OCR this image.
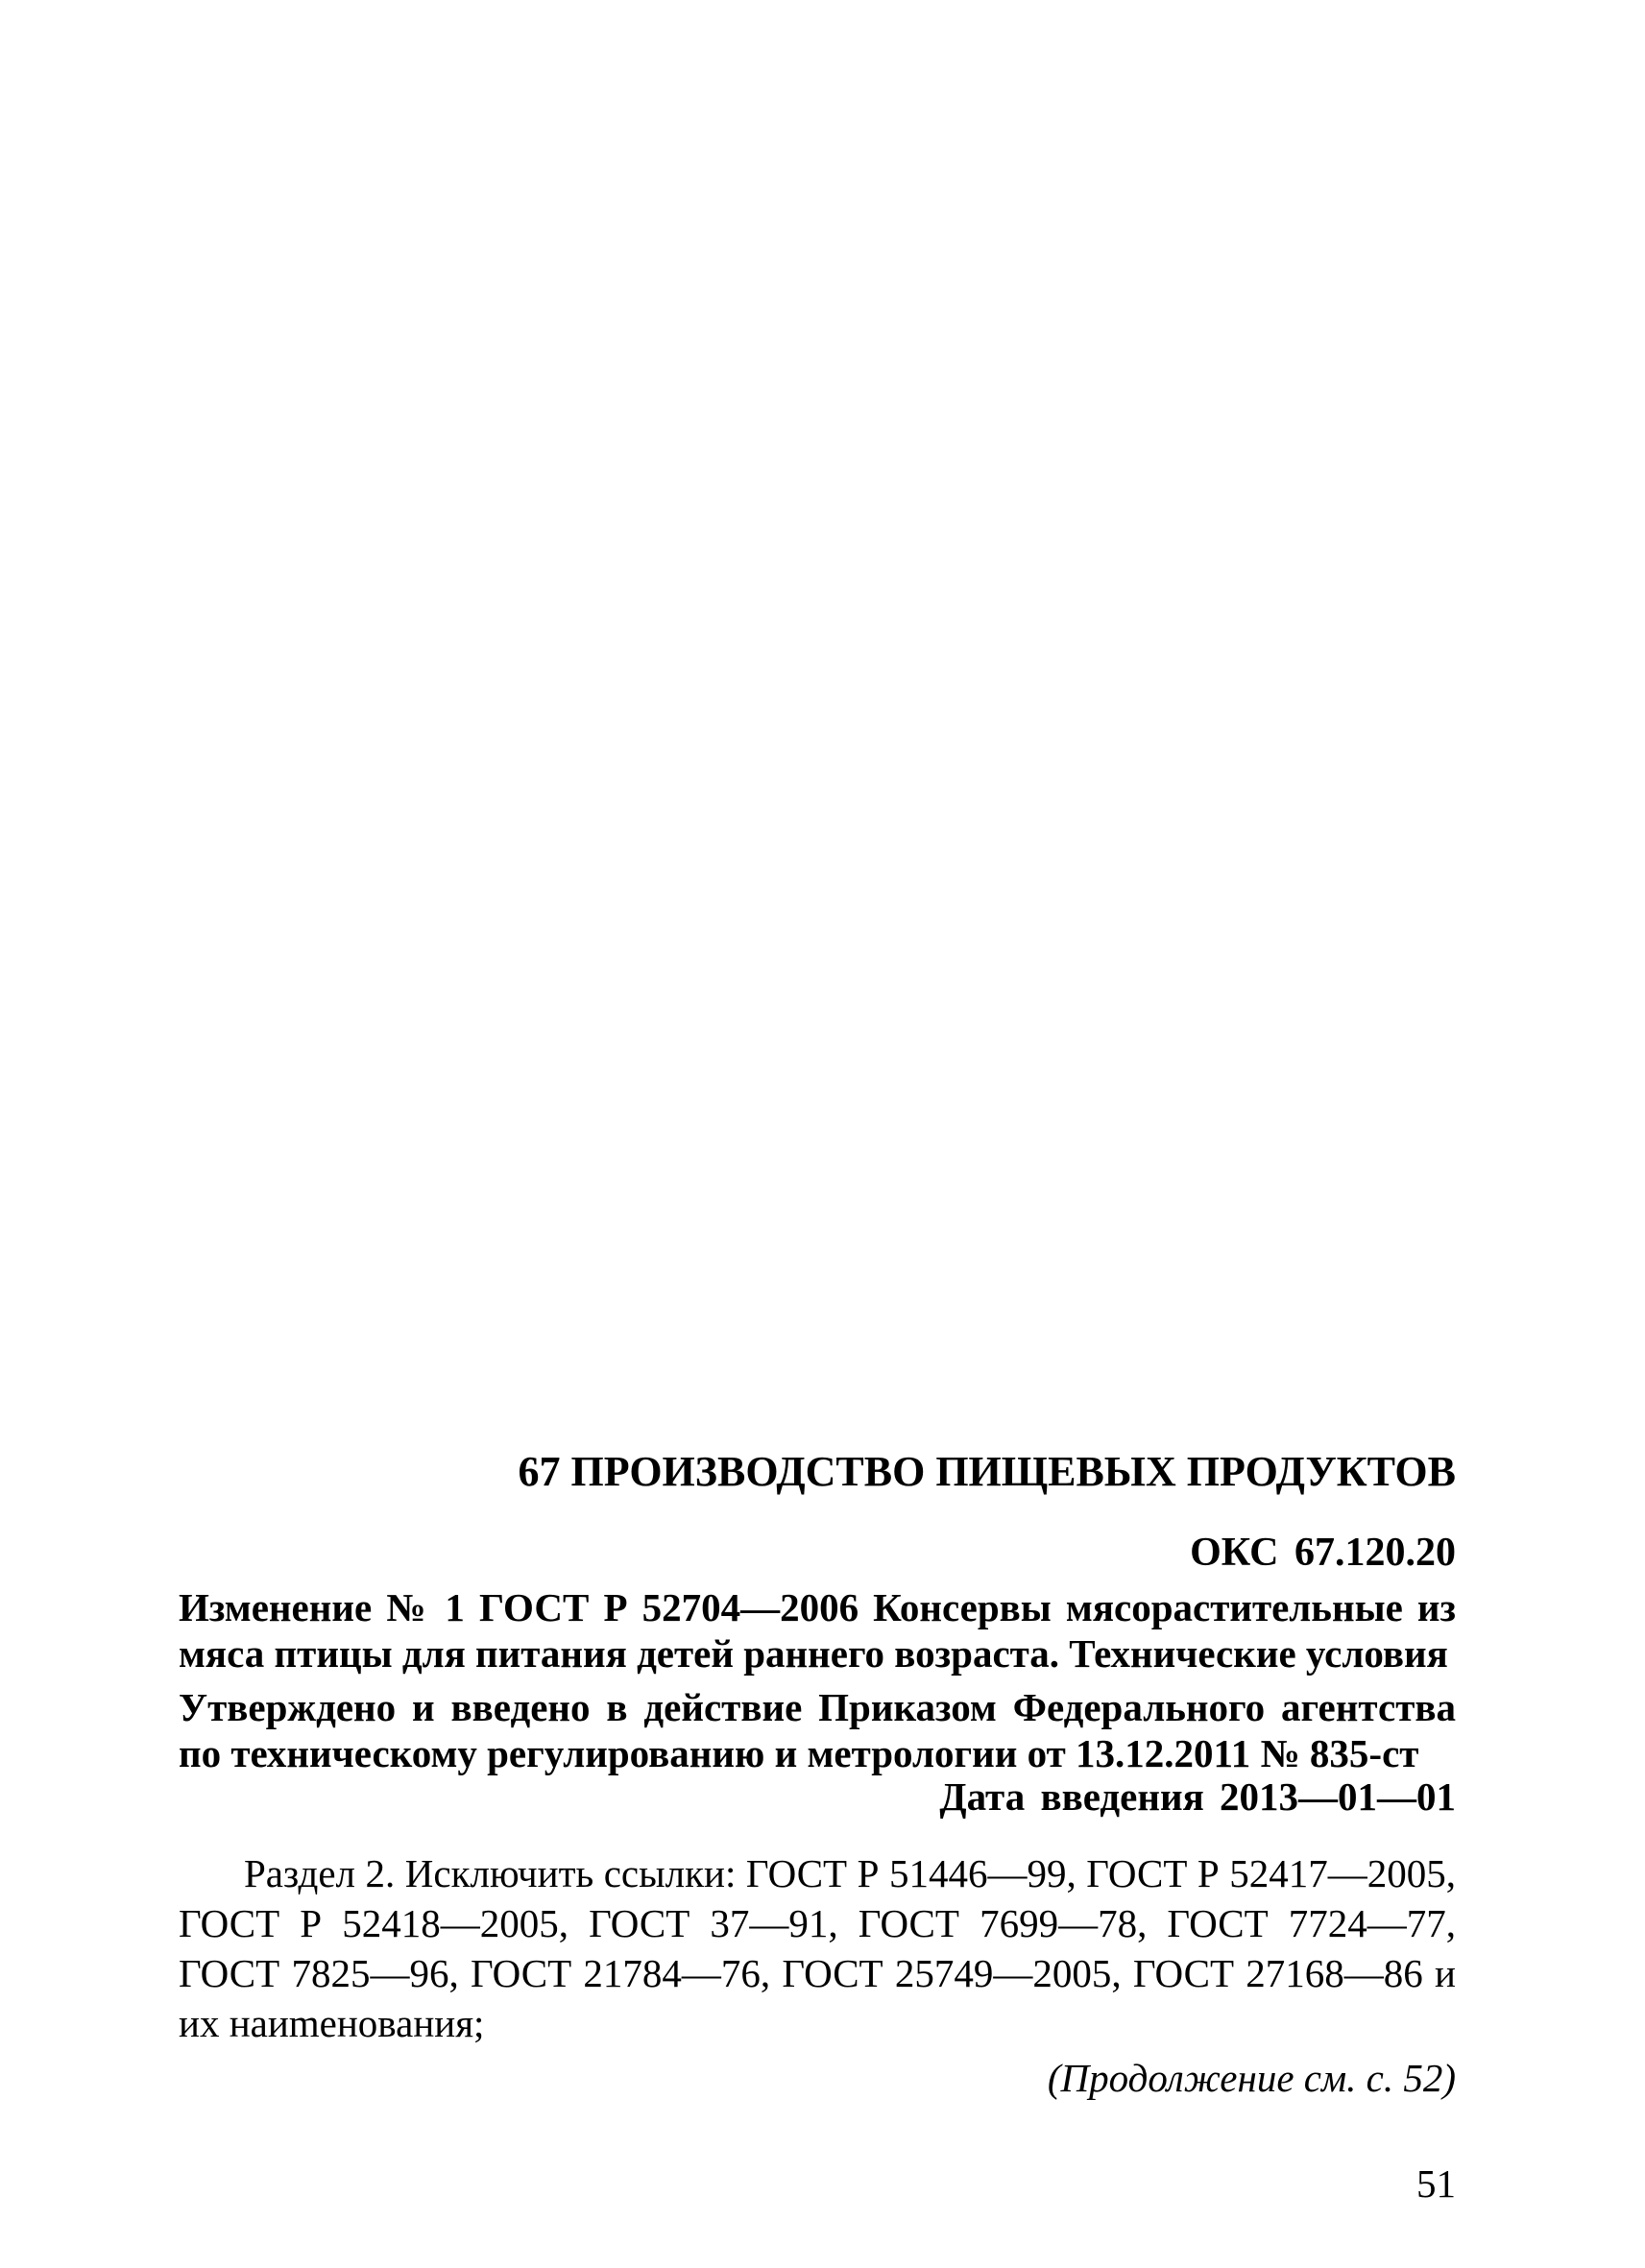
67 ПРОИЗВОДСТВО ПИЩЕВЫХ ПРОДУКТОВ
ОКС 67.120.20
Изменение № 1 ГОСТ Р 52704—2006 Консервы мясорастительные из мяса птицы для питания детей раннего возраста. Технические условия
Утверждено и введено в действие Приказом Федерального агентства по техническому регулированию и метрологии от 13.12.2011 № 835-ст
Дата введения 2013—01—01
Раздел 2. Исключить ссылки: ГОСТ Р 51446—99, ГОСТ Р 52417—2005, ГОСТ Р 52418—2005, ГОСТ 37—91, ГОСТ 7699—78, ГОСТ 7724—77, ГОСТ 7825—96, ГОСТ 21784—76, ГОСТ 25749—2005, ГОСТ 27168—86 и их наиmенования;
(Продолжение см. с. 52)
51
